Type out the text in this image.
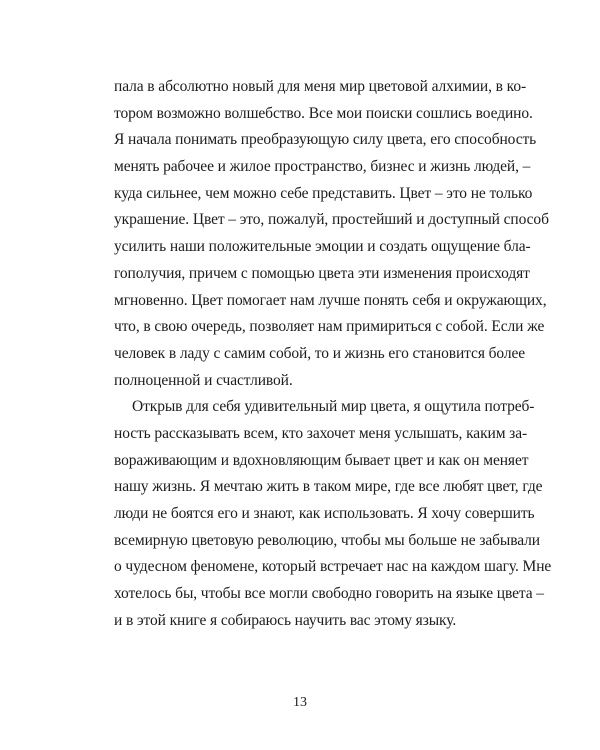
пала в абсолютно новый для меня мир цветовой алхимии, в ко-
тором возможно волшебство. Все мои поиски сошлись воедино.
Я начала понимать преобразующую силу цвета, его способность
менять рабочее и жилое пространство, бизнес и жизнь людей, –
куда сильнее, чем можно себе представить. Цвет – это не только
украшение. Цвет – это, пожалуй, простейший и доступный способ
усилить наши положительные эмоции и создать ощущение бла-
гополучия, причем с помощью цвета эти изменения происходят
мгновенно. Цвет помогает нам лучше понять себя и окружающих,
что, в свою очередь, позволяет нам примириться с собой. Если же
человек в ладу с самим собой, то и жизнь его становится более
полноценной и счастливой.
Открыв для себя удивительный мир цвета, я ощутила потреб-
ность рассказывать всем, кто захочет меня услышать, каким за-
вораживающим и вдохновляющим бывает цвет и как он меняет
нашу жизнь. Я мечтаю жить в таком мире, где все любят цвет, где
люди не боятся его и знают, как использовать. Я хочу совершить
всемирную цветовую революцию, чтобы мы больше не забывали
о чудесном феномене, который встречает нас на каждом шагу. Мне
хотелось бы, чтобы все могли свободно говорить на языке цвета –
и в этой книге я собираюсь научить вас этому языку.
13
